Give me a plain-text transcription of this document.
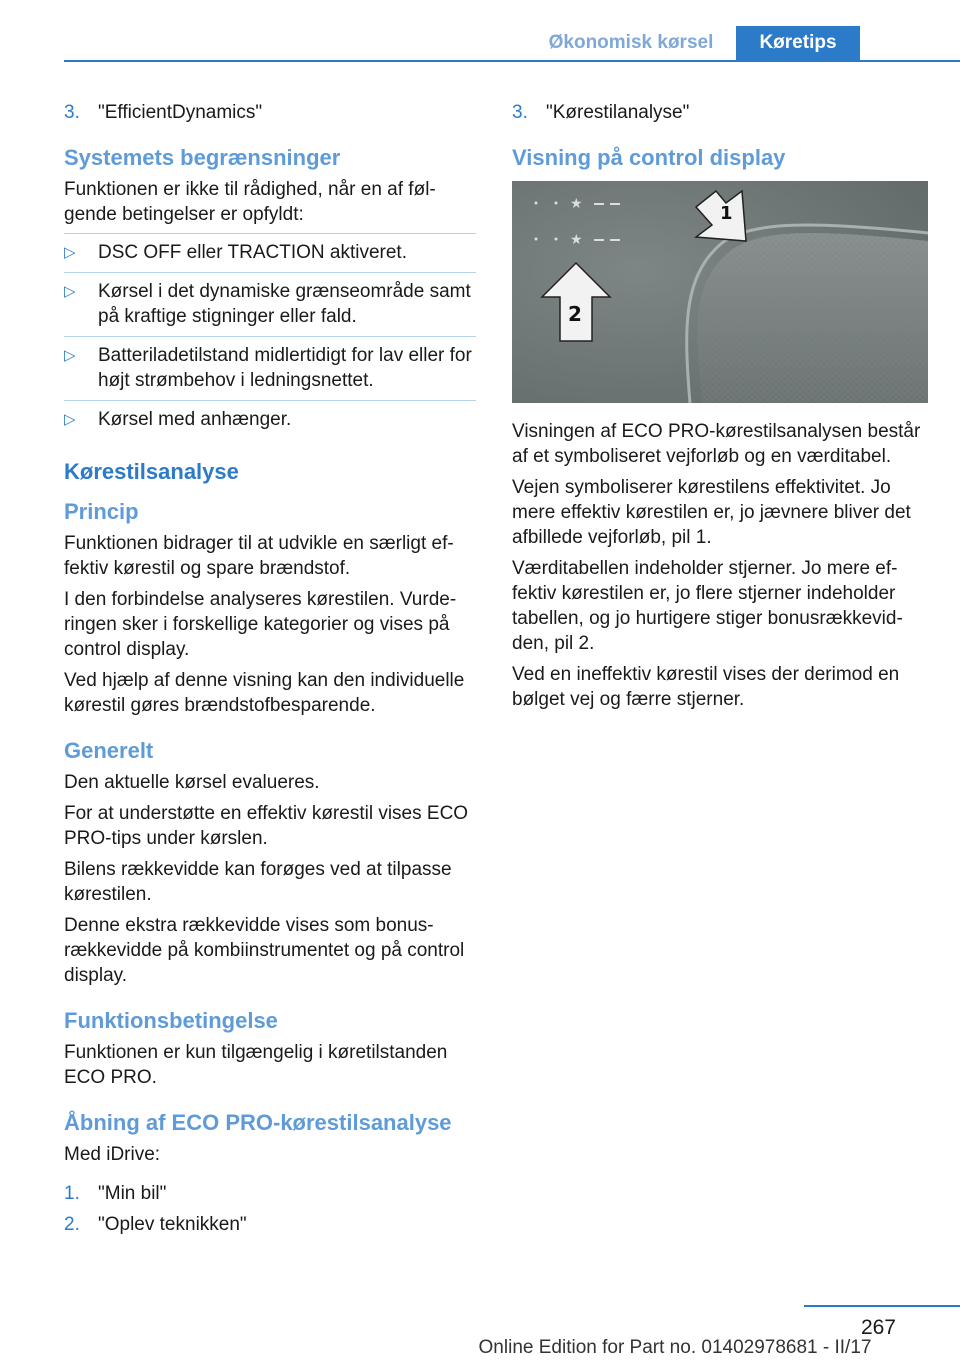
Økonomisk kørsel	Køretips
3. "EfficientDynamics"
Systemets begrænsninger

Funktionen er ikke til rådighed, når en af følgende betingelser er opfyldt:

▷	DSC OFF eller TRACTION aktiveret.
▷	Kørsel i det dynamiske grænseområde samt på kraftige stigninger eller fald.
▷	Batteriladetilstand midlertidigt for lav eller for højt strømbehov i ledningsnettet.
▷	Kørsel med anhænger.
Kørestilsanalyse
Princip

Funktionen bidrager til at udvikle en særligt effektiv kørestil og spare brændstof.

I den forbindelse analyseres kørestilen. Vurderingen sker i forskellige kategorier og vises på control display.

Ved hjælp af denne visning kan den individuelle kørestil gøres brændstofbesparende.

Generelt

Den aktuelle kørsel evalueres.

For at understøtte en effektiv kørestil vises ECO PRO-tips under kørslen.

Bilens rækkevidde kan forøges ved at tilpasse kørestilen.

Denne ekstra rækkevidde vises som bonusrækkevidde på kombiinstrumentet og på control display.

Funktionsbetingelse

Funktionen er kun tilgængelig i køretilstanden ECO PRO.

Åbning af ECO PRO-kørestilsanalyse

Med iDrive:

1. "Min bil"
2. "Oplev teknikken"
3. "Kørestilanalyse"
Visning på control display
★
★
1
2

Visningen af ECO PRO-kørestilsanalysen består af et symboliseret vejforløb og en værditabel.

Vejen symboliserer kørestilens effektivitet. Jo mere effektiv kørestilen er, jo jævnere bliver det afbillede vejforløb, pil 1.

Værditabellen indeholder stjerner. Jo mere effektiv kørestilen er, jo flere stjerner indeholder tabellen, og jo hurtigere stiger bonusrækkevidden, pil 2.

Ved en ineffektiv kørestil vises der derimod en bølget vej og færre stjerner.

267
Online Edition for Part no. 01402978681 - II/17
